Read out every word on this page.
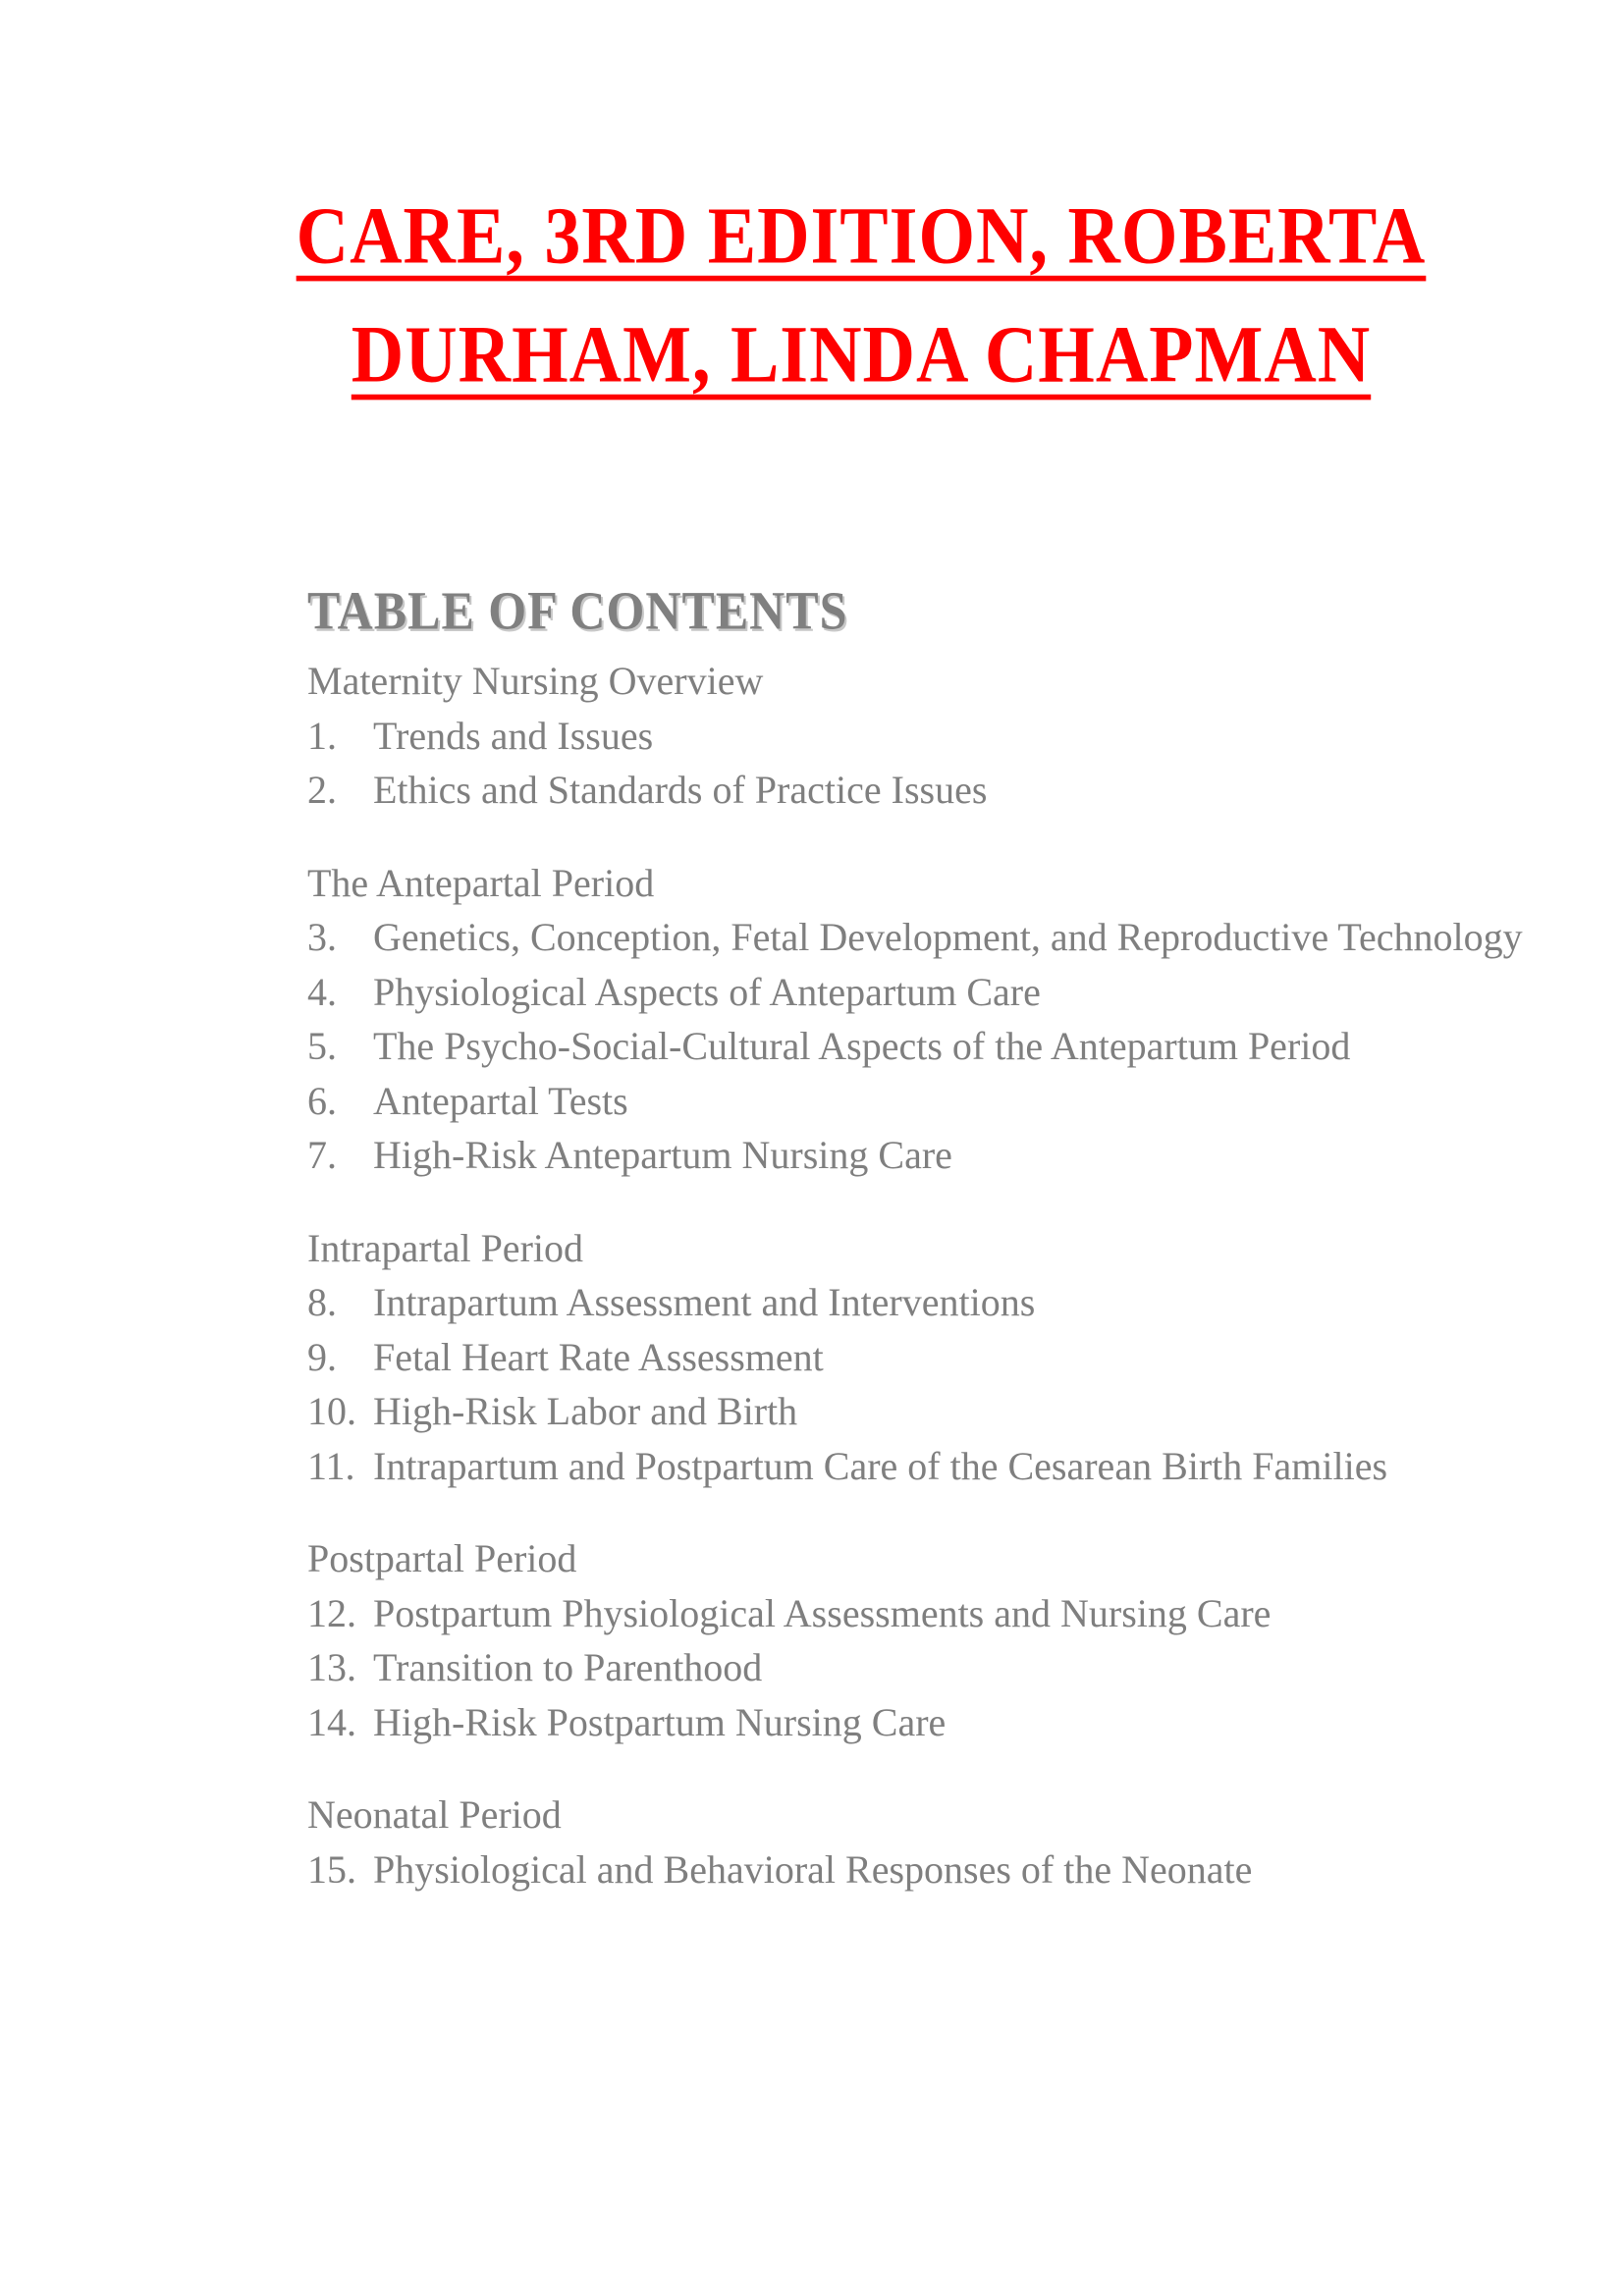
CARE, 3RD EDITION, ROBERTA DURHAM, LINDA CHAPMAN
TABLE OF CONTENTS
Maternity Nursing Overview
1. Trends and Issues
2. Ethics and Standards of Practice Issues
The Antepartal Period
3. Genetics, Conception, Fetal Development, and Reproductive Technology
4. Physiological Aspects of Antepartum Care
5. The Psycho-Social-Cultural Aspects of the Antepartum Period
6. Antepartal Tests
7. High-Risk Antepartum Nursing Care
Intrapartal Period
8. Intrapartum Assessment and Interventions
9. Fetal Heart Rate Assessment
10. High-Risk Labor and Birth
11. Intrapartum and Postpartum Care of the Cesarean Birth Families
Postpartal Period
12. Postpartum Physiological Assessments and Nursing Care
13. Transition to Parenthood
14. High-Risk Postpartum Nursing Care
Neonatal Period
15. Physiological and Behavioral Responses of the Neonate
